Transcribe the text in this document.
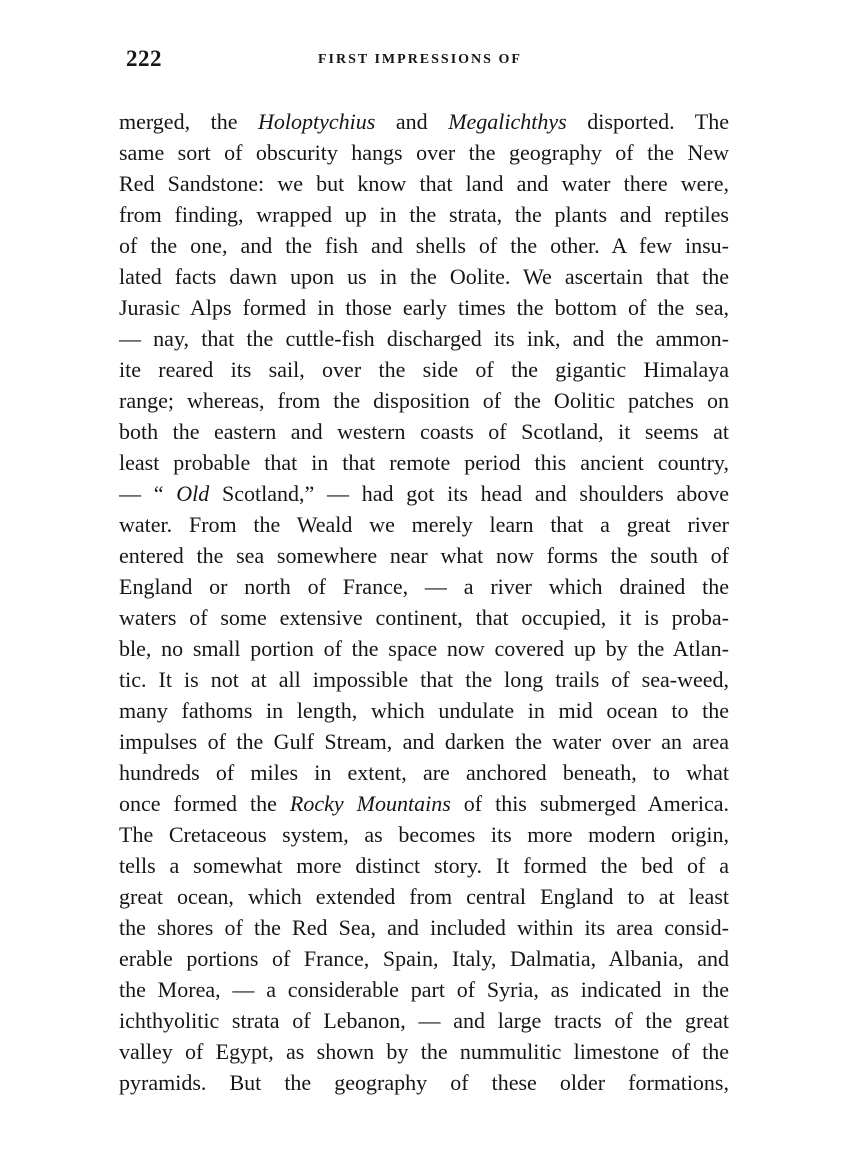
222	FIRST IMPRESSIONS OF
merged, the Holoptychius and Megalichthys disported. The
same sort of obscurity hangs over the geography of the New
Red Sandstone: we but know that land and water there were,
from finding, wrapped up in the strata, the plants and reptiles
of the one, and the fish and shells of the other. A few insu-
lated facts dawn upon us in the Oolite. We ascertain that the
Jurasic Alps formed in those early times the bottom of the sea,
— nay, that the cuttle-fish discharged its ink, and the ammon-
ite reared its sail, over the side of the gigantic Himalaya
range; whereas, from the disposition of the Oolitic patches on
both the eastern and western coasts of Scotland, it seems at
least probable that in that remote period this ancient country,
— “ Old Scotland,” — had got its head and shoulders above
water. From the Weald we merely learn that a great river
entered the sea somewhere near what now forms the south of
England or north of France, — a river which drained the
waters of some extensive continent, that occupied, it is proba-
ble, no small portion of the space now covered up by the Atlan-
tic. It is not at all impossible that the long trails of sea-weed,
many fathoms in length, which undulate in mid ocean to the
impulses of the Gulf Stream, and darken the water over an area
hundreds of miles in extent, are anchored beneath, to what
once formed the Rocky Mountains of this submerged America.
The Cretaceous system, as becomes its more modern origin,
tells a somewhat more distinct story. It formed the bed of a
great ocean, which extended from central England to at least
the shores of the Red Sea, and included within its area consid-
erable portions of France, Spain, Italy, Dalmatia, Albania, and
the Morea, — a considerable part of Syria, as indicated in the
ichthyolitic strata of Lebanon, — and large tracts of the great
valley of Egypt, as shown by the nummulitic limestone of the
pyramids. But the geography of these older formations,
